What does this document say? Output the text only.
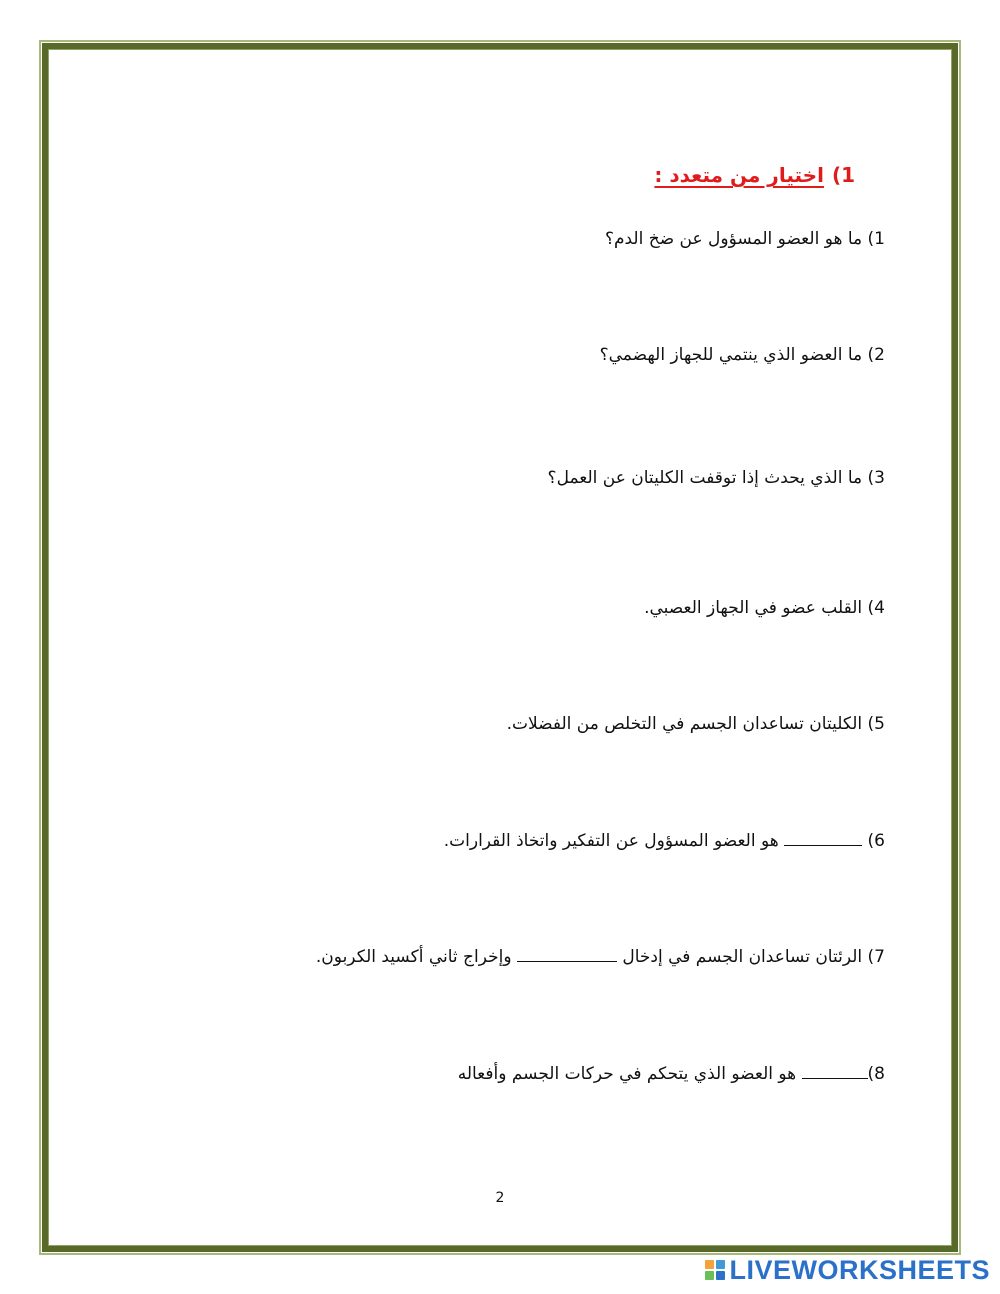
1)اختيار من متعدد :
1) ما هو العضو المسؤول عن ضخ الدم؟
2) ما العضو الذي ينتمي للجهاز الهضمي؟
3) ما الذي يحدث إذا توقفت الكليتان عن العمل؟
4) القلب عضو في الجهاز العصبي.
5) الكليتان تساعدان الجسم في التخلص من الفضلات.
6)  هو العضو المسؤول عن التفكير واتخاذ القرارات.
7) الرئتان تساعدان الجسم في إدخال  وإخراج ثاني أكسيد الكربون.
8) هو العضو الذي يتحكم في حركات الجسم وأفعاله
2
LIVEWORKSHEETS
